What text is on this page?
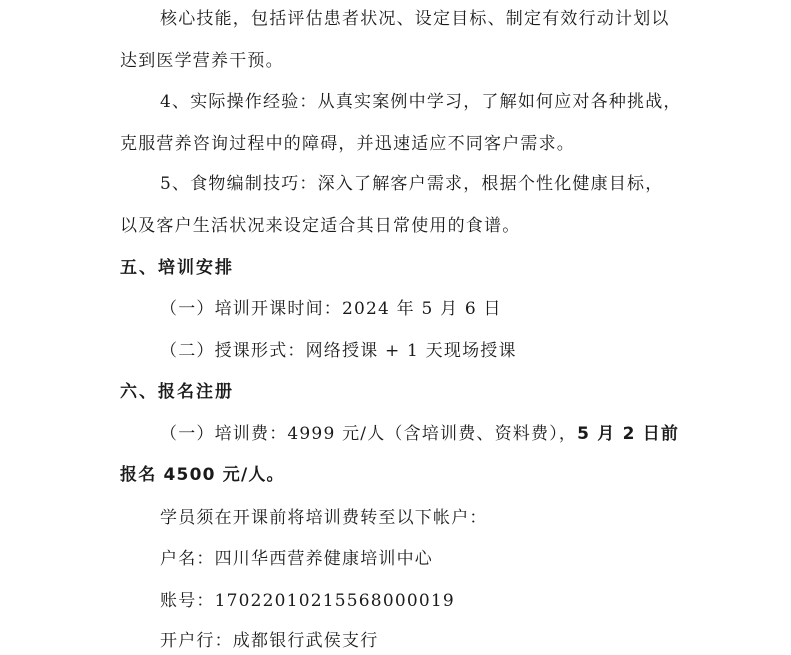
核心技能，包括评估患者状况、设定目标、制定有效行动计划以
达到医学营养干预。
4、实际操作经验：从真实案例中学习，了解如何应对各种挑战，
克服营养咨询过程中的障碍，并迅速适应不同客户需求。
5、食物编制技巧：深入了解客户需求，根据个性化健康目标，
以及客户生活状况来设定适合其日常使用的食谱。
五、培训安排
（一）培训开课时间：2024 年 5 月 6 日
（二）授课形式：网络授课 + 1 天现场授课
六、报名注册
（一）培训费：4999 元/人（含培训费、资料费），5 月 2 日前
报名 4500 元/人。
学员须在开课前将培训费转至以下帐户：
户名：四川华西营养健康培训中心
账号：17022010215568000019
开户行：成都银行武侯支行
